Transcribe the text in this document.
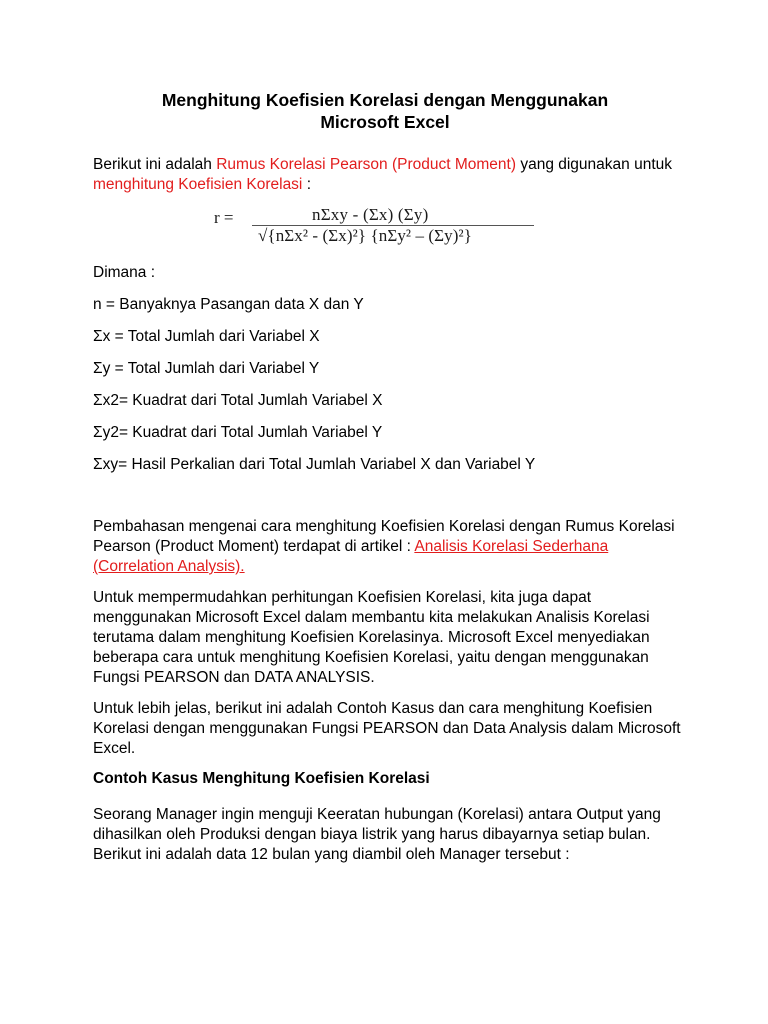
Menghitung Koefisien Korelasi dengan Menggunakan
Microsoft Excel

Berikut ini adalah Rumus Korelasi Pearson (Product Moment) yang digunakan untuk menghitung Koefisien Korelasi :

r =	nΣxy - (Σx) (Σy)
√{nΣx² - (Σx)²} {nΣy² – (Σy)²}

Dimana :

n = Banyaknya Pasangan data X dan Y

Σx = Total Jumlah dari Variabel X

Σy = Total Jumlah dari Variabel Y

Σx2= Kuadrat dari Total Jumlah Variabel X

Σy2= Kuadrat dari Total Jumlah Variabel Y

Σxy= Hasil Perkalian dari Total Jumlah Variabel X dan Variabel Y

Pembahasan mengenai cara menghitung Koefisien Korelasi dengan Rumus Korelasi Pearson (Product Moment) terdapat di artikel : Analisis Korelasi Sederhana (Correlation Analysis).

Untuk mempermudahkan perhitungan Koefisien Korelasi, kita juga dapat menggunakan Microsoft Excel dalam membantu kita melakukan Analisis Korelasi terutama dalam menghitung Koefisien Korelasinya. Microsoft Excel menyediakan beberapa cara untuk menghitung Koefisien Korelasi, yaitu dengan menggunakan Fungsi PEARSON dan DATA ANALYSIS.

Untuk lebih jelas, berikut ini adalah Contoh Kasus dan cara menghitung Koefisien Korelasi dengan menggunakan Fungsi PEARSON dan Data Analysis dalam Microsoft Excel.

Contoh Kasus Menghitung Koefisien Korelasi

Seorang Manager ingin menguji Keeratan hubungan (Korelasi) antara Output yang dihasilkan oleh Produksi dengan biaya listrik yang harus dibayarnya setiap bulan. Berikut ini adalah data 12 bulan yang diambil oleh Manager tersebut :
